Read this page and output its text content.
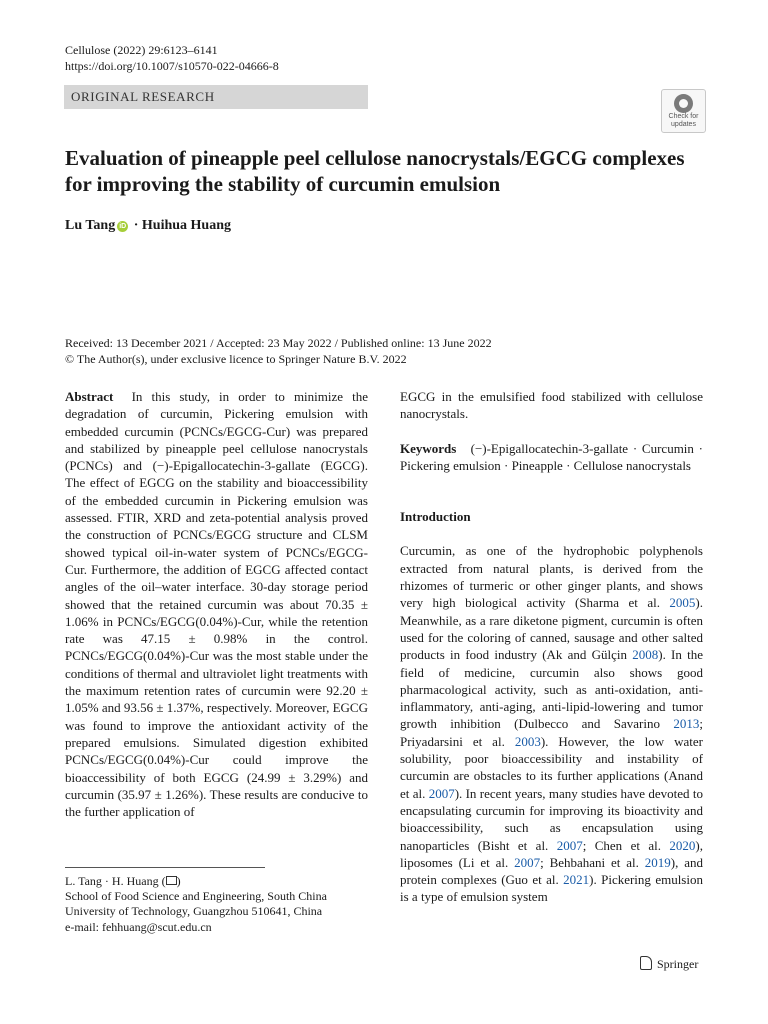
Cellulose (2022) 29:6123–6141
https://doi.org/10.1007/s10570-022-04666-8
ORIGINAL RESEARCH
Check for
updates
Evaluation of pineapple peel cellulose nanocrystals/EGCG complexes for improving the stability of curcumin emulsion
Lu Tang iD · Huihua Huang
Received: 13 December 2021 / Accepted: 23 May 2022 / Published online: 13 June 2022
© The Author(s), under exclusive licence to Springer Nature B.V. 2022
Abstract In this study, in order to minimize the degradation of curcumin, Pickering emulsion with embedded curcumin (PCNCs/EGCG-Cur) was prepared and stabilized by pineapple peel cellulose nanocrystals (PCNCs) and (−)-Epigallocatechin-3-gallate (EGCG). The effect of EGCG on the stability and bioaccessibility of the embedded curcumin in Pickering emulsion was assessed. FTIR, XRD and zeta-potential analysis proved the construction of PCNCs/EGCG structure and CLSM showed typical oil-in-water system of PCNCs/EGCG-Cur. Furthermore, the addition of EGCG affected contact angles of the oil–water interface. 30-day storage period showed that the retained curcumin was about 70.35 ± 1.06% in PCNCs/EGCG(0.04%)-Cur, while the retention rate was 47.15 ± 0.98% in the control. PCNCs/EGCG(0.04%)-Cur was the most stable under the conditions of thermal and ultraviolet light treatments with the maximum retention rates of curcumin were 92.20 ± 1.05% and 93.56 ± 1.37%, respectively. Moreover, EGCG was found to improve the antioxidant activity of the prepared emulsions. Simulated digestion exhibited PCNCs/EGCG(0.04%)-Cur could improve the bioaccessibility of both EGCG (24.99 ± 3.29%) and curcumin (35.97 ± 1.26%). These results are conducive to the further application of
EGCG in the emulsified food stabilized with cellulose nanocrystals.
Keywords (−)-Epigallocatechin-3-gallate · Curcumin · Pickering emulsion · Pineapple · Cellulose nanocrystals
Introduction
Curcumin, as one of the hydrophobic polyphenols extracted from natural plants, is derived from the rhizomes of turmeric or other ginger plants, and shows very high biological activity (Sharma et al. 2005). Meanwhile, as a rare diketone pigment, curcumin is often used for the coloring of canned, sausage and other salted products in food industry (Ak and Gülçin 2008). In the field of medicine, curcumin also shows good pharmacological activity, such as anti-oxidation, anti-inflammatory, anti-aging, anti-lipid-lowering and tumor growth inhibition (Dulbecco and Savarino 2013; Priyadarsini et al. 2003). However, the low water solubility, poor bioaccessibility and instability of curcumin are obstacles to its further applications (Anand et al. 2007). In recent years, many studies have devoted to encapsulating curcumin for improving its bioactivity and bioaccessibility, such as encapsulation using nanoparticles (Bisht et al. 2007; Chen et al. 2020), liposomes (Li et al. 2007; Behbahani et al. 2019), and protein complexes (Guo et al. 2021). Pickering emulsion is a type of emulsion system
L. Tang · H. Huang ( )
School of Food Science and Engineering, South China
University of Technology, Guangzhou 510641, China
e-mail: fehhuang@scut.edu.cn
Springer
